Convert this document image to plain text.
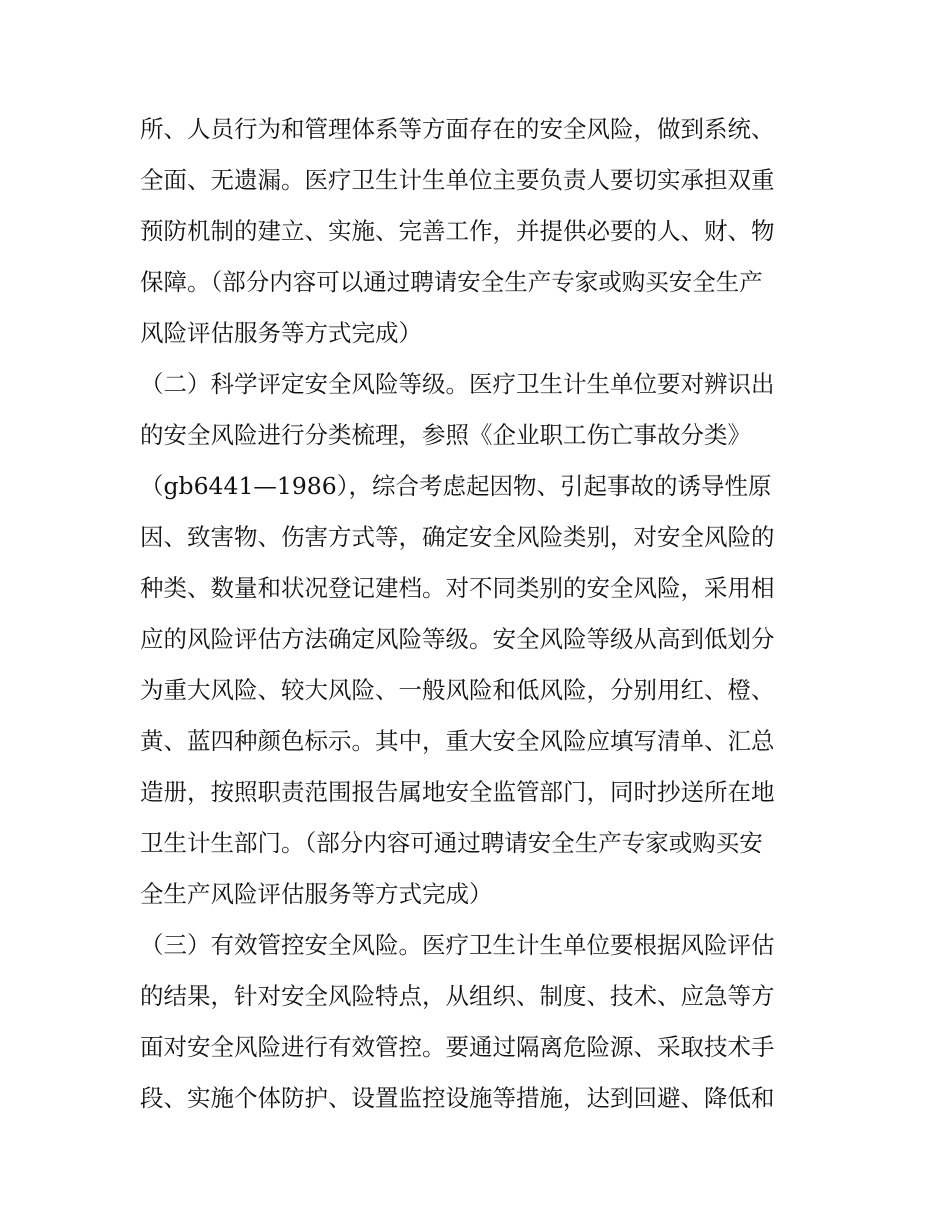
所、人员行为和管理体系等方面存在的安全风险，做到系统、
全面、无遗漏。医疗卫生计生单位主要负责人要切实承担双重
预防机制的建立、实施、完善工作，并提供必要的人、财、物
保障。（部分内容可以通过聘请安全生产专家或购买安全生产
风险评估服务等方式完成）
（二）科学评定安全风险等级。医疗卫生计生单位要对辨识出
的安全风险进行分类梳理，参照《企业职工伤亡事故分类》
（gb6441—1986），综合考虑起因物、引起事故的诱导性原
因、致害物、伤害方式等，确定安全风险类别，对安全风险的
种类、数量和状况登记建档。对不同类别的安全风险，采用相
应的风险评估方法确定风险等级。安全风险等级从高到低划分
为重大风险、较大风险、一般风险和低风险，分别用红、橙、
黄、蓝四种颜色标示。其中，重大安全风险应填写清单、汇总
造册，按照职责范围报告属地安全监管部门，同时抄送所在地
卫生计生部门。（部分内容可通过聘请安全生产专家或购买安
全生产风险评估服务等方式完成）
（三）有效管控安全风险。医疗卫生计生单位要根据风险评估
的结果，针对安全风险特点，从组织、制度、技术、应急等方
面对安全风险进行有效管控。要通过隔离危险源、采取技术手
段、实施个体防护、设置监控设施等措施，达到回避、降低和
